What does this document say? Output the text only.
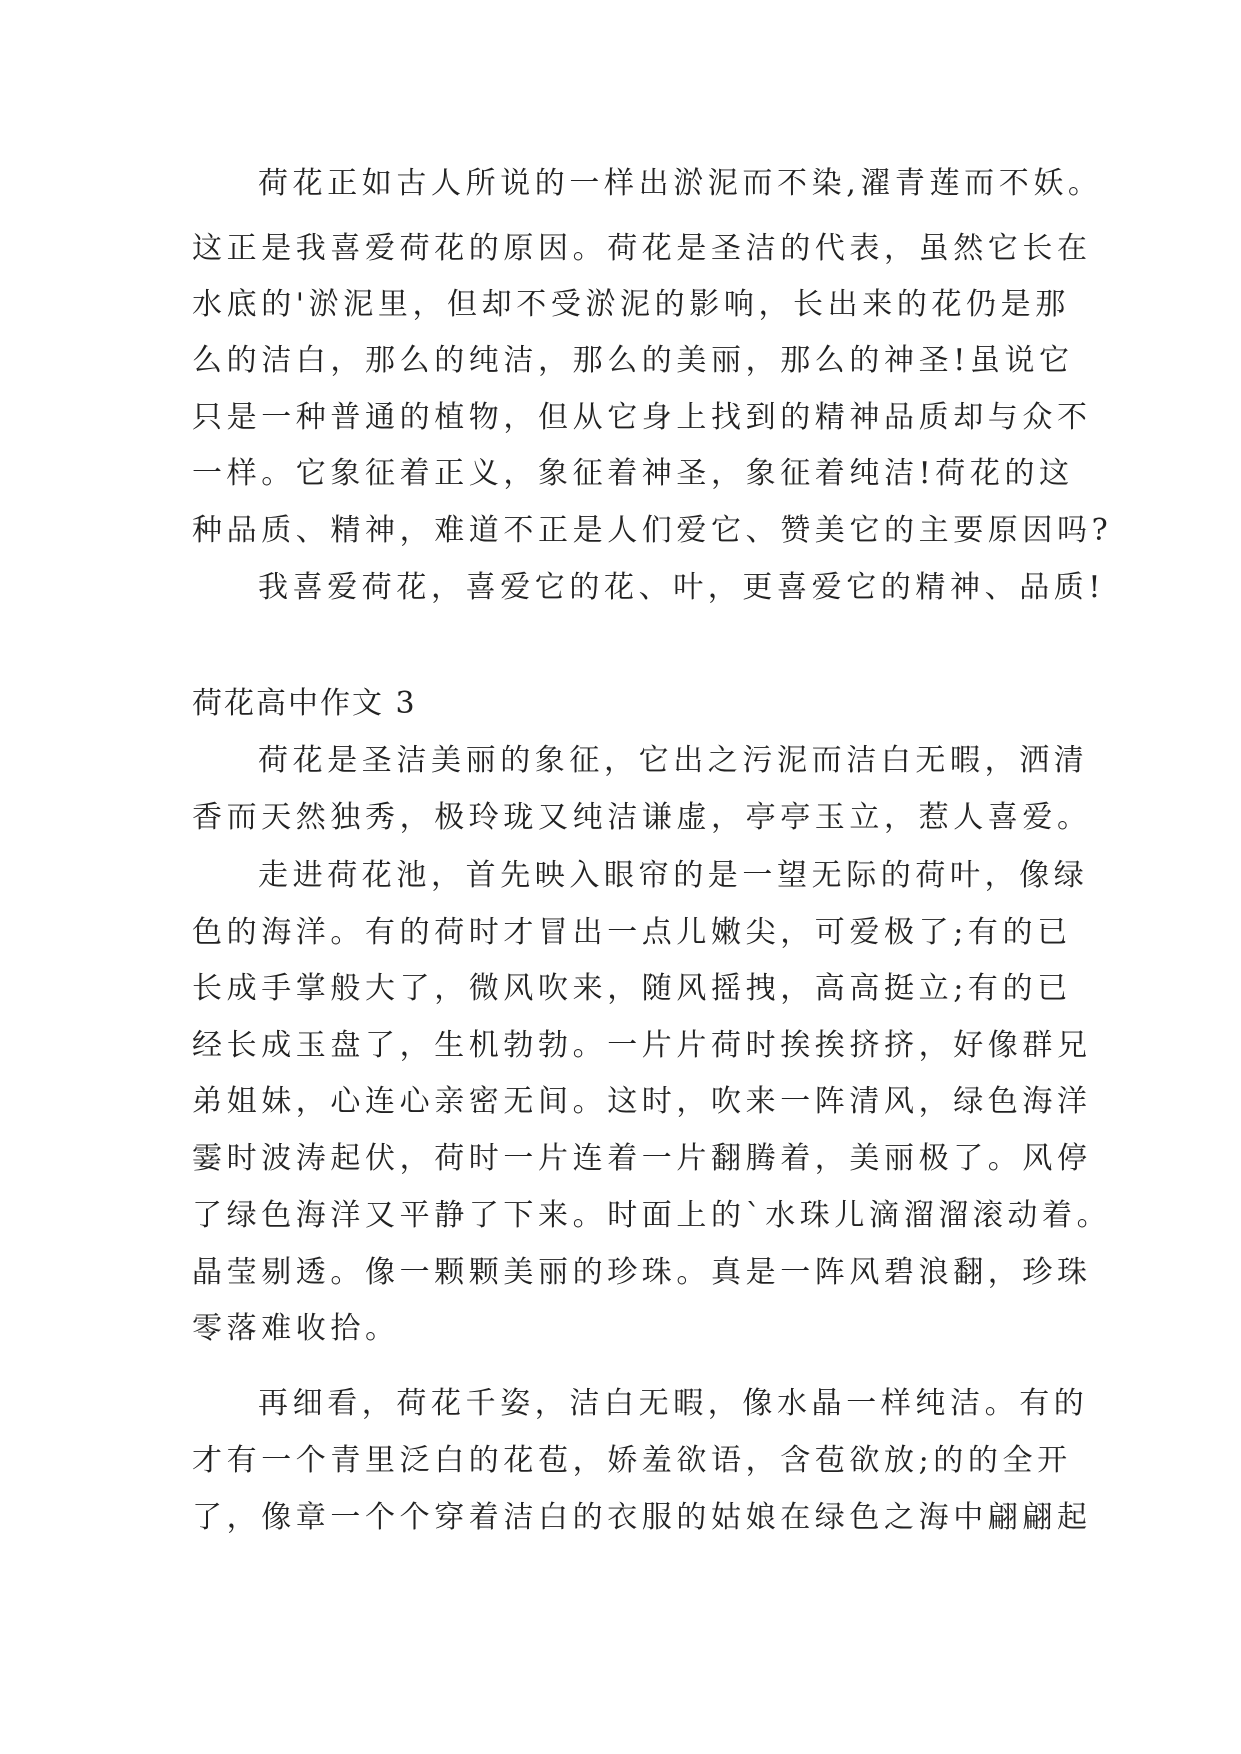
荷花正如古人所说的一样出淤泥而不染,濯青莲而不妖。
这正是我喜爱荷花的原因。荷花是圣洁的代表，虽然它长在
水底的'淤泥里，但却不受淤泥的影响，长出来的花仍是那
么的洁白，那么的纯洁，那么的美丽，那么的神圣!虽说它
只是一种普通的植物，但从它身上找到的精神品质却与众不
一样。它象征着正义，象征着神圣，象征着纯洁!荷花的这
种品质、精神，难道不正是人们爱它、赞美它的主要原因吗?
我喜爱荷花，喜爱它的花、叶，更喜爱它的精神、品质!
荷花高中作文 3
荷花是圣洁美丽的象征，它出之污泥而洁白无暇，洒清
香而天然独秀，极玲珑又纯洁谦虚，亭亭玉立，惹人喜爱。
走进荷花池，首先映入眼帘的是一望无际的荷叶，像绿
色的海洋。有的荷时才冒出一点儿嫩尖，可爱极了;有的已
长成手掌般大了，微风吹来，随风摇拽，高高挺立;有的已
经长成玉盘了，生机勃勃。一片片荷时挨挨挤挤，好像群兄
弟姐妹，心连心亲密无间。这时，吹来一阵清风，绿色海洋
霎时波涛起伏，荷时一片连着一片翻腾着，美丽极了。风停
了绿色海洋又平静了下来。时面上的`水珠儿滴溜溜滚动着。
晶莹剔透。像一颗颗美丽的珍珠。真是一阵风碧浪翻，珍珠
零落难收拾。
再细看，荷花千姿，洁白无暇，像水晶一样纯洁。有的
才有一个青里泛白的花苞，娇羞欲语，含苞欲放;的的全开
了，像章一个个穿着洁白的衣服的姑娘在绿色之海中翩翩起
